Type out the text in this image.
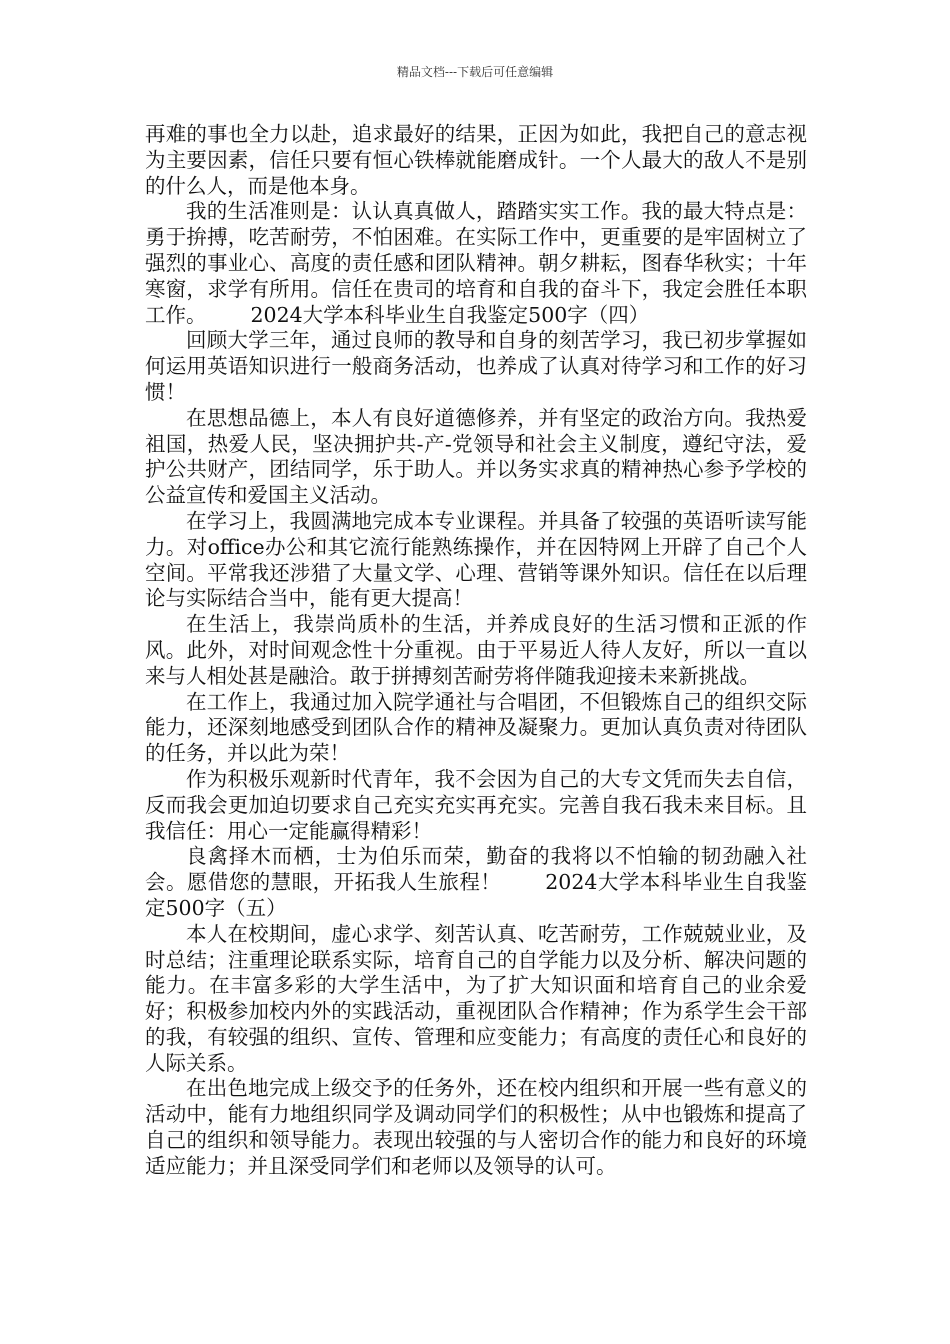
精品文档---下载后可任意编辑

再难的事也全力以赴，追求最好的结果，正因为如此，我把自己的意志视为主要因素，信任只要有恒心铁棒就能磨成针。一个人最大的敌人不是别的什么人，而是他本身。

我的生活准则是：认认真真做人，踏踏实实工作。我的最大特点是：勇于拚搏，吃苦耐劳，不怕困难。在实际工作中，更重要的是牢固树立了强烈的事业心、高度的责任感和团队精神。朝夕耕耘，图春华秋实；十年寒窗，求学有所用。信任在贵司的培育和自我的奋斗下，我定会胜任本职工作。 2024大学本科毕业生自我鉴定500字（四）

回顾大学三年，通过良师的教导和自身的刻苦学习，我已初步掌握如何运用英语知识进行一般商务活动，也养成了认真对待学习和工作的好习惯！

在思想品德上，本人有良好道德修养，并有坚定的政治方向。我热爱祖国，热爱人民，坚决拥护共-产-党领导和社会主义制度，遵纪守法，爱护公共财产，团结同学，乐于助人。并以务实求真的精神热心参予学校的公益宣传和爱国主义活动。

在学习上，我圆满地完成本专业课程。并具备了较强的英语听读写能力。对office办公和其它流行能熟练操作，并在因特网上开辟了自己个人空间。平常我还涉猎了大量文学、心理、营销等课外知识。信任在以后理论与实际结合当中，能有更大提高！

在生活上，我崇尚质朴的生活，并养成良好的生活习惯和正派的作风。此外，对时间观念性十分重视。由于平易近人待人友好，所以一直以来与人相处甚是融洽。敢于拼搏刻苦耐劳将伴随我迎接未来新挑战。

在工作上，我通过加入院学通社与合唱团，不但锻炼自己的组织交际能力，还深刻地感受到团队合作的精神及凝聚力。更加认真负责对待团队的任务，并以此为荣！

作为积极乐观新时代青年，我不会因为自己的大专文凭而失去自信，反而我会更加迫切要求自己充实充实再充实。完善自我石我未来目标。且我信任：用心一定能赢得精彩！

良禽择木而栖，士为伯乐而荣，勤奋的我将以不怕输的韧劲融入社会。愿借您的慧眼，开拓我人生旅程！ 2024大学本科毕业生自我鉴定500字（五）

本人在校期间，虚心求学、刻苦认真、吃苦耐劳，工作兢兢业业，及时总结；注重理论联系实际，培育自己的自学能力以及分析、解决问题的能力。在丰富多彩的大学生活中，为了扩大知识面和培育自己的业余爱好；积极参加校内外的实践活动，重视团队合作精神；作为系学生会干部的我，有较强的组织、宣传、管理和应变能力；有高度的责任心和良好的人际关系。

在出色地完成上级交予的任务外，还在校内组织和开展一些有意义的活动中，能有力地组织同学及调动同学们的积极性；从中也锻炼和提高了自己的组织和领导能力。表现出较强的与人密切合作的能力和良好的环境适应能力；并且深受同学们和老师以及领导的认可。
